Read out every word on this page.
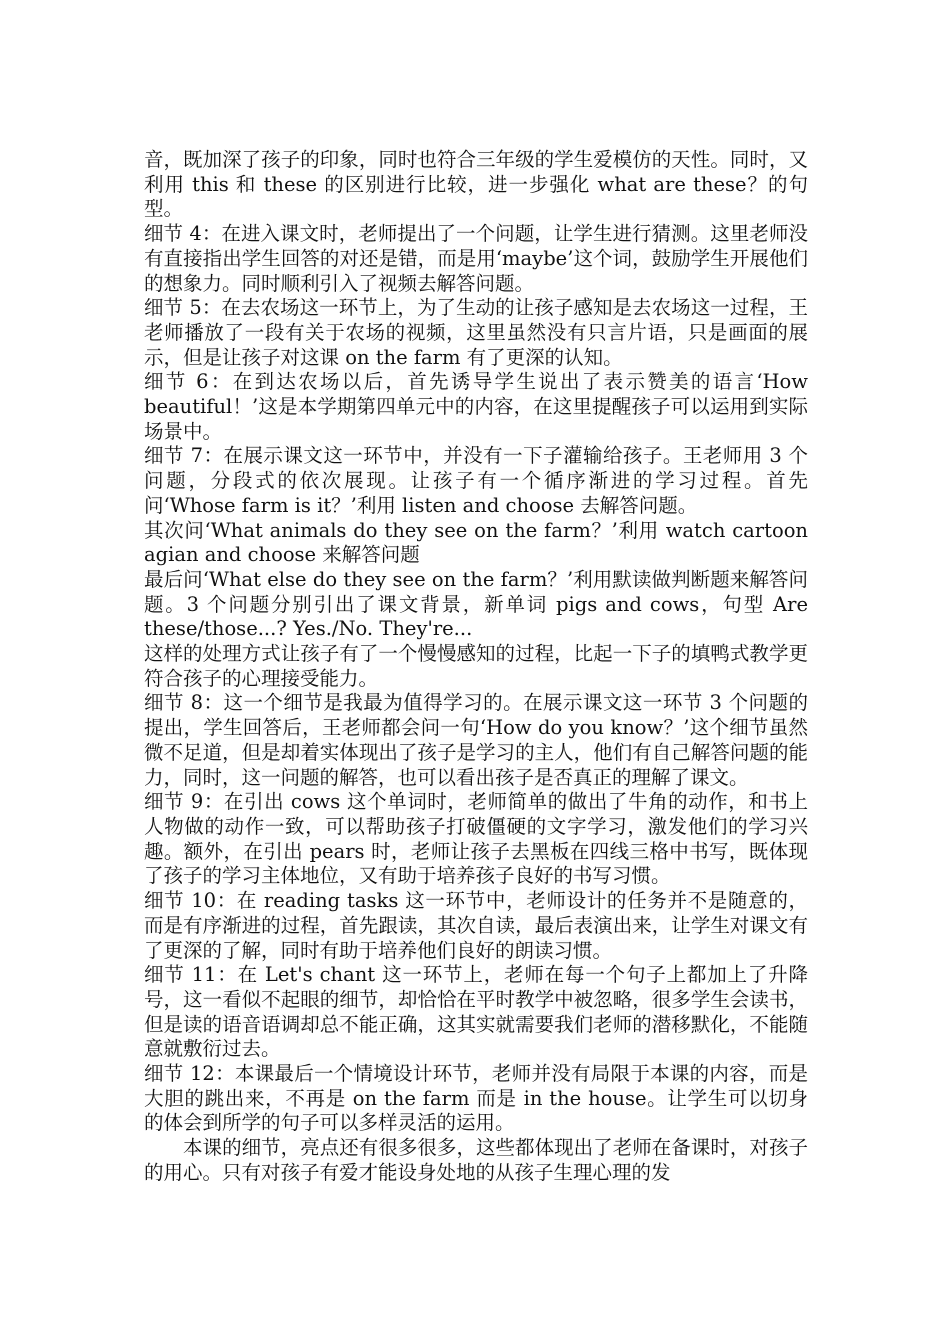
音，既加深了孩子的印象，同时也符合三年级的学生爱模仿的天性。同时，又利用 this 和 these 的区别进行比较，进一步强化 what are these？的句型。

细节 4：在进入课文时，老师提出了一个问题，让学生进行猜测。这里老师没有直接指出学生回答的对还是错，而是用‘maybe’这个词，鼓励学生开展他们的想象力。同时顺利引入了视频去解答问题。

细节 5：在去农场这一环节上，为了生动的让孩子感知是去农场这一过程，王老师播放了一段有关于农场的视频，这里虽然没有只言片语，只是画面的展示，但是让孩子对这课 on the farm 有了更深的认知。

细节 6：在到达农场以后，首先诱导学生说出了表示赞美的语言‘How beautiful！’这是本学期第四单元中的内容，在这里提醒孩子可以运用到实际场景中。

细节 7：在展示课文这一环节中，并没有一下子灌输给孩子。王老师用 3 个问题，分段式的依次展现。让孩子有一个循序渐进的学习过程。首先问‘Whose farm is it？’利用 listen and choose 去解答问题。

其次问‘What animals do they see on the farm？’利用 watch cartoon agian and choose 来解答问题

最后问‘What else do they see on the farm？’利用默读做判断题来解答问题。3 个问题分别引出了课文背景，新单词 pigs and cows，句型 Are these/those...? Yes./No. They're...

这样的处理方式让孩子有了一个慢慢感知的过程，比起一下子的填鸭式教学更符合孩子的心理接受能力。

细节 8：这一个细节是我最为值得学习的。在展示课文这一环节 3 个问题的提出，学生回答后，王老师都会问一句‘How do you know？’这个细节虽然微不足道，但是却着实体现出了孩子是学习的主人，他们有自己解答问题的能力，同时，这一问题的解答，也可以看出孩子是否真正的理解了课文。

细节 9：在引出 cows 这个单词时，老师简单的做出了牛角的动作，和书上人物做的动作一致，可以帮助孩子打破僵硬的文字学习，激发他们的学习兴趣。额外，在引出 pears 时，老师让孩子去黑板在四线三格中书写，既体现了孩子的学习主体地位，又有助于培养孩子良好的书写习惯。

细节 10：在 reading tasks 这一环节中，老师设计的任务并不是随意的，而是有序渐进的过程，首先跟读，其次自读，最后表演出来，让学生对课文有了更深的了解，同时有助于培养他们良好的朗读习惯。

细节 11：在 Let's chant 这一环节上，老师在每一个句子上都加上了升降号，这一看似不起眼的细节，却恰恰在平时教学中被忽略，很多学生会读书，但是读的语音语调却总不能正确，这其实就需要我们老师的潜移默化，不能随意就敷衍过去。

细节 12：本课最后一个情境设计环节，老师并没有局限于本课的内容，而是大胆的跳出来，不再是 on the farm 而是 in the house。让学生可以切身的体会到所学的句子可以多样灵活的运用。

本课的细节，亮点还有很多很多，这些都体现出了老师在备课时，对孩子的用心。只有对孩子有爱才能设身处地的从孩子生理心理的发
